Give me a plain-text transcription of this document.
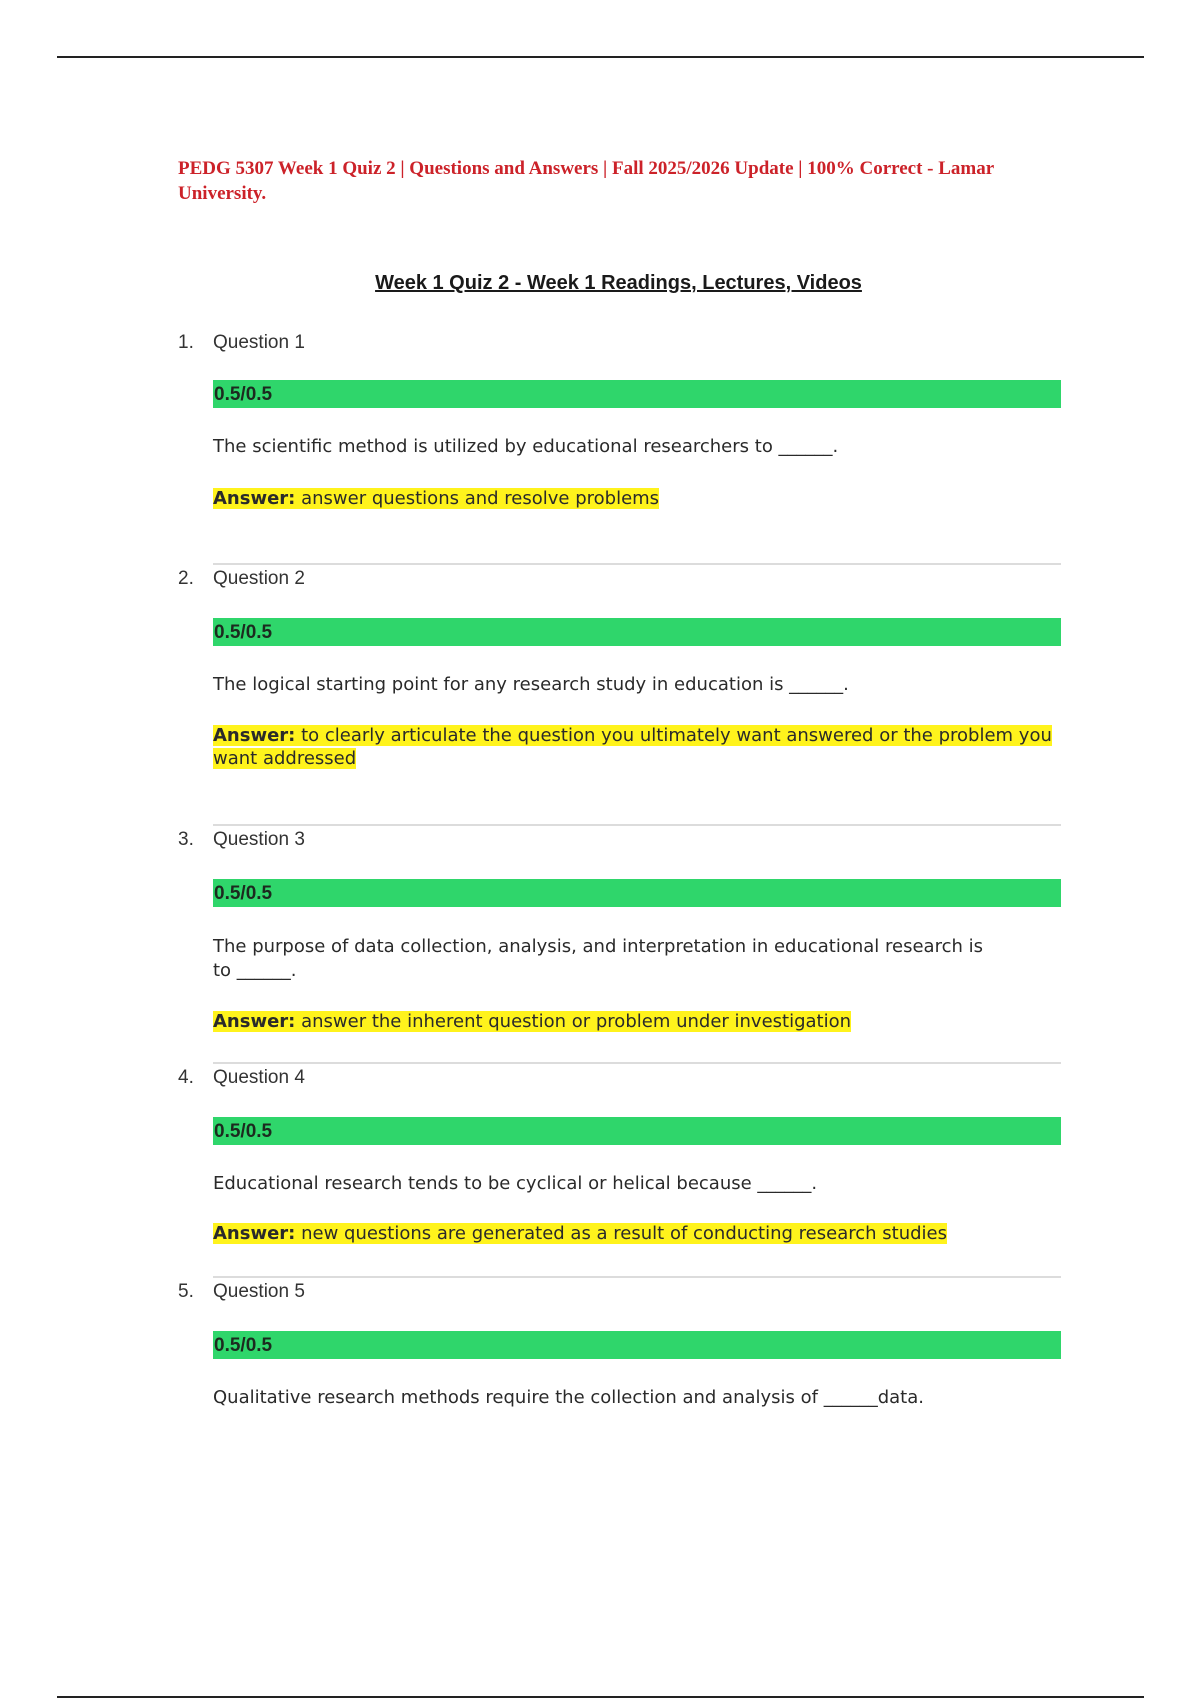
PEDG 5307 Week 1 Quiz 2 | Questions and Answers | Fall 2025/2026 Update | 100% Correct - Lamar University.
Week 1 Quiz 2 - Week 1 Readings, Lectures, Videos
1. Question 1
0.5/0.5
The scientific method is utilized by educational researchers to ______.
Answer: answer questions and resolve problems
2. Question 2
0.5/0.5
The logical starting point for any research study in education is ______.
Answer: to clearly articulate the question you ultimately want answered or the problem you want addressed
3. Question 3
0.5/0.5
The purpose of data collection, analysis, and interpretation in educational research is to ______.
Answer: answer the inherent question or problem under investigation
4. Question 4
0.5/0.5
Educational research tends to be cyclical or helical because ______.
Answer: new questions are generated as a result of conducting research studies
5. Question 5
0.5/0.5
Qualitative research methods require the collection and analysis of ______data.
